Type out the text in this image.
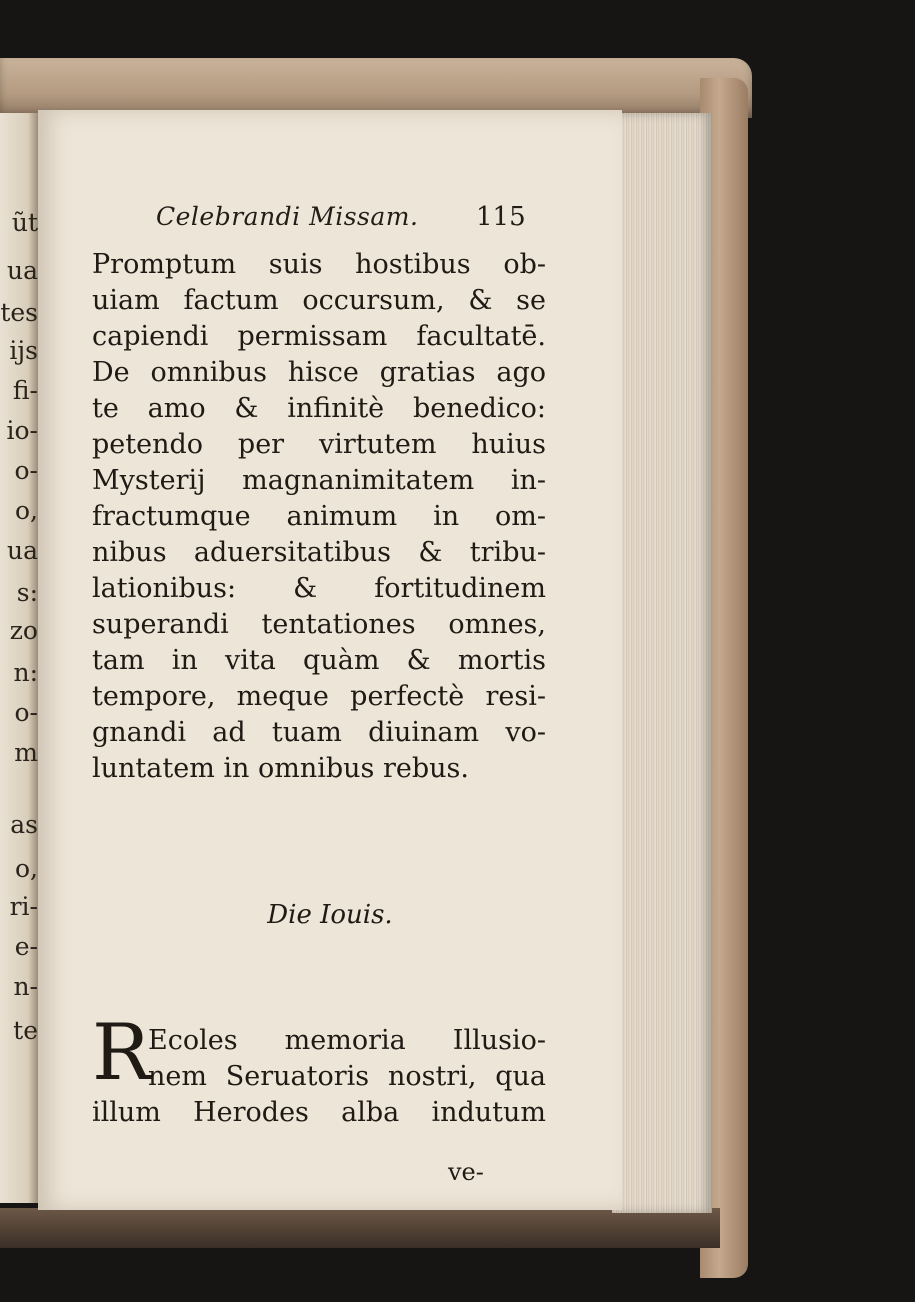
ũt
ua
tes
ijs
fi-
io-
o-
o,
ua
s:
zo
n:
o-
m
as
o,
ri-
e-
n-
te
Celebrandi Missam. 115
Promptum suis hostibus ob-
uiam factum occursum, & se
capiendi permissam facultatē.
De omnibus hisce gratias ago
te amo & infinitè benedico:
petendo per virtutem huius
Mysterij magnanimitatem in-
fractumque animum in om-
nibus aduersitatibus & tribu-
lationibus: & fortitudinem
superandi tentationes omnes,
tam in vita quàm & mortis
tempore, meque perfectè resi-
gnandi ad tuam diuinam vo-
luntatem in omnibus rebus.
Die Iouis.
R
Ecoles memoria Illusio-
nem Seruatoris nostri, qua
illum Herodes alba indutum
ve-
